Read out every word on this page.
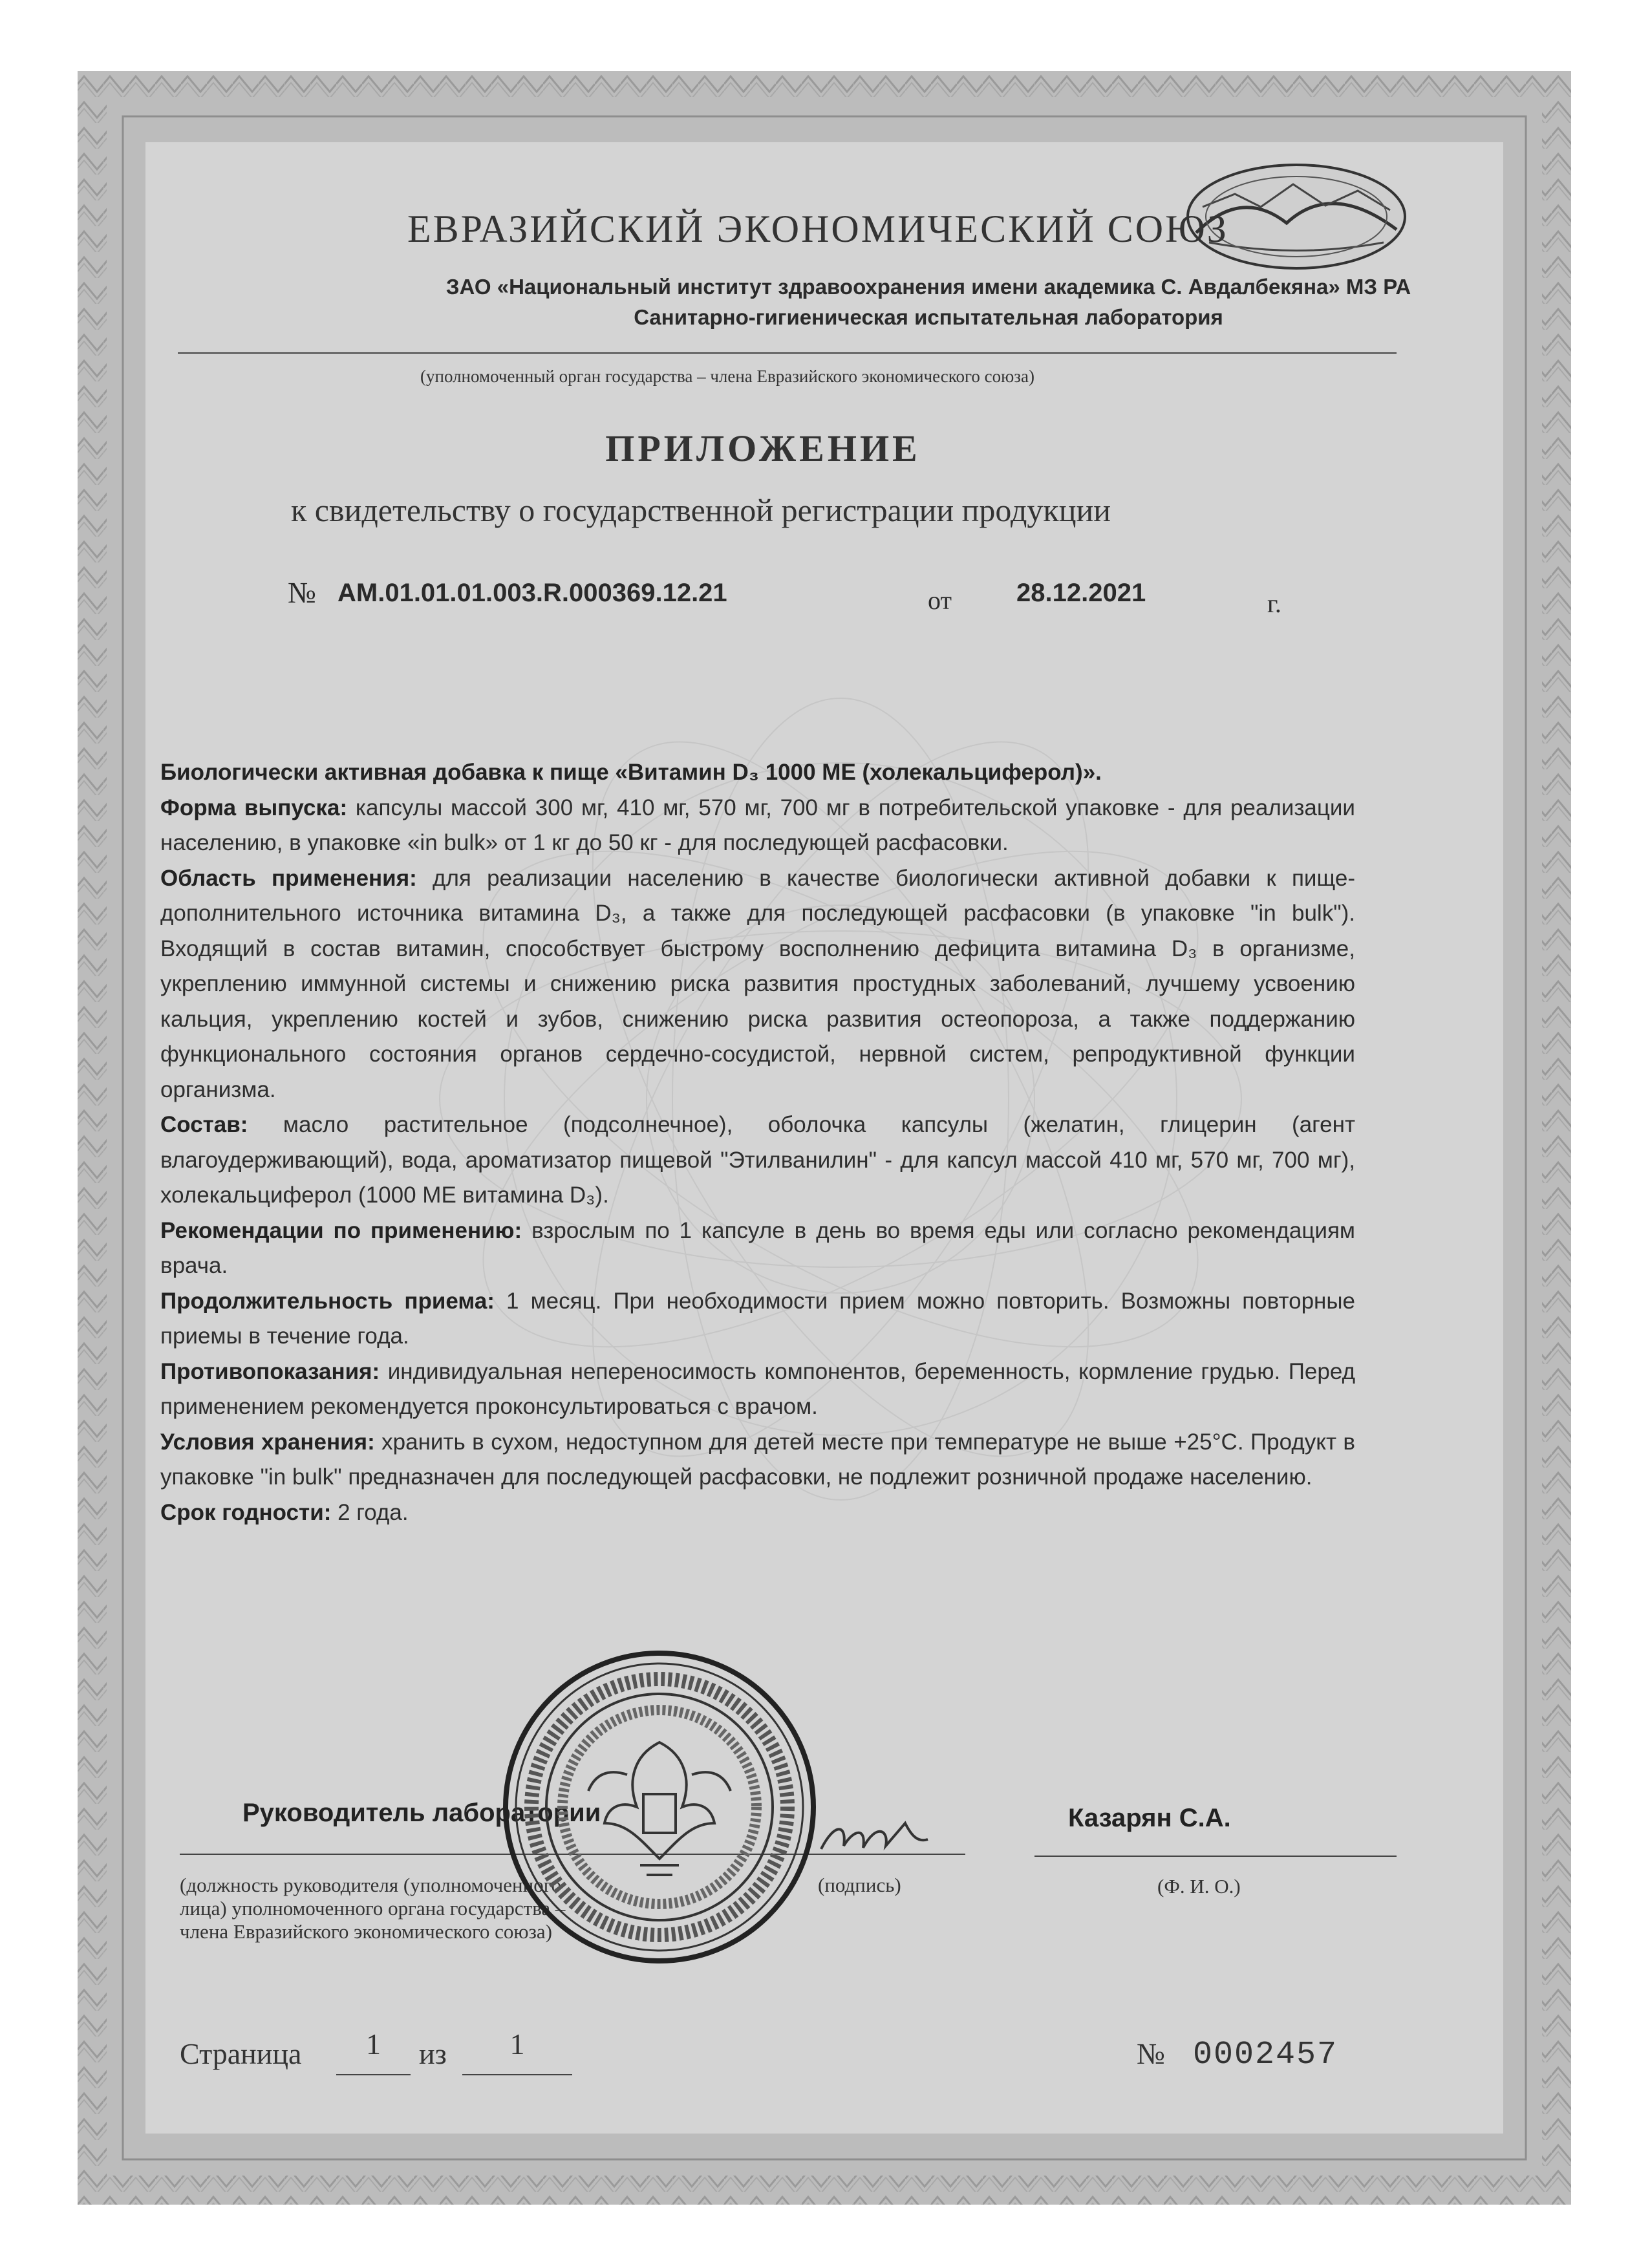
ЕВРАЗИЙСКИЙ ЭКОНОМИЧЕСКИЙ СОЮЗ
ЗАО «Национальный институт здравоохранения имени академика С. Авдалбекяна» МЗ РА
Санитарно-гигиеническая испытательная лаборатория
(уполномоченный орган государства – члена Евразийского экономического союза)
ПРИЛОЖЕНИЕ
к свидетельству о государственной регистрации продукции
№ AM.01.01.01.003.R.000369.12.21	от	28.12.2021	г.

Биологически активная добавка к пище «Витамин D₃ 1000 МЕ (холекальциферол)».

Форма выпуска: капсулы массой 300 мг, 410 мг, 570 мг, 700 мг в потребительской упаковке - для реализации населению, в упаковке «in bulk» от 1 кг до 50 кг - для последующей расфасовки.

Область применения: для реализации населению в качестве биологически активной добавки к пище-дополнительного источника витамина D₃, а также для последующей расфасовки (в упаковке "in bulk"). Входящий в состав витамин, способствует быстрому восполнению дефицита витамина D₃ в организме, укреплению иммунной системы и снижению риска развития простудных заболеваний, лучшему усвоению кальция, укреплению костей и зубов, снижению риска развития остеопороза, а также поддержанию функционального состояния органов сердечно-сосудистой, нервной систем, репродуктивной функции организма.

Состав: масло растительное (подсолнечное), оболочка капсулы (желатин, глицерин (агент влагоудерживающий), вода, ароматизатор пищевой "Этилванилин" - для капсул массой 410 мг, 570 мг, 700 мг), холекальциферол (1000 МЕ витамина D₃).

Рекомендации по применению: взрослым по 1 капсуле в день во время еды или согласно рекомендациям врача.

Продолжительность приема: 1 месяц. При необходимости прием можно повторить. Возможны повторные приемы в течение года.

Противопоказания: индивидуальная непереносимость компонентов, беременность, кормление грудью. Перед применением рекомендуется проконсультироваться с врачом.

Условия хранения: хранить в сухом, недоступном для детей месте при температуре не выше +25°С. Продукт в упаковке "in bulk" предназначен для последующей расфасовки, не подлежит розничной продаже населению.

Срок годности: 2 года.

Руководитель лаборатории	Казарян С.А.
(должность руководителя (уполномоченного лица) уполномоченного органа государства – члена Евразийского экономического союза)
(подпись)	(Ф. И. О.)
Страница	1	из	1	№ 0002457
